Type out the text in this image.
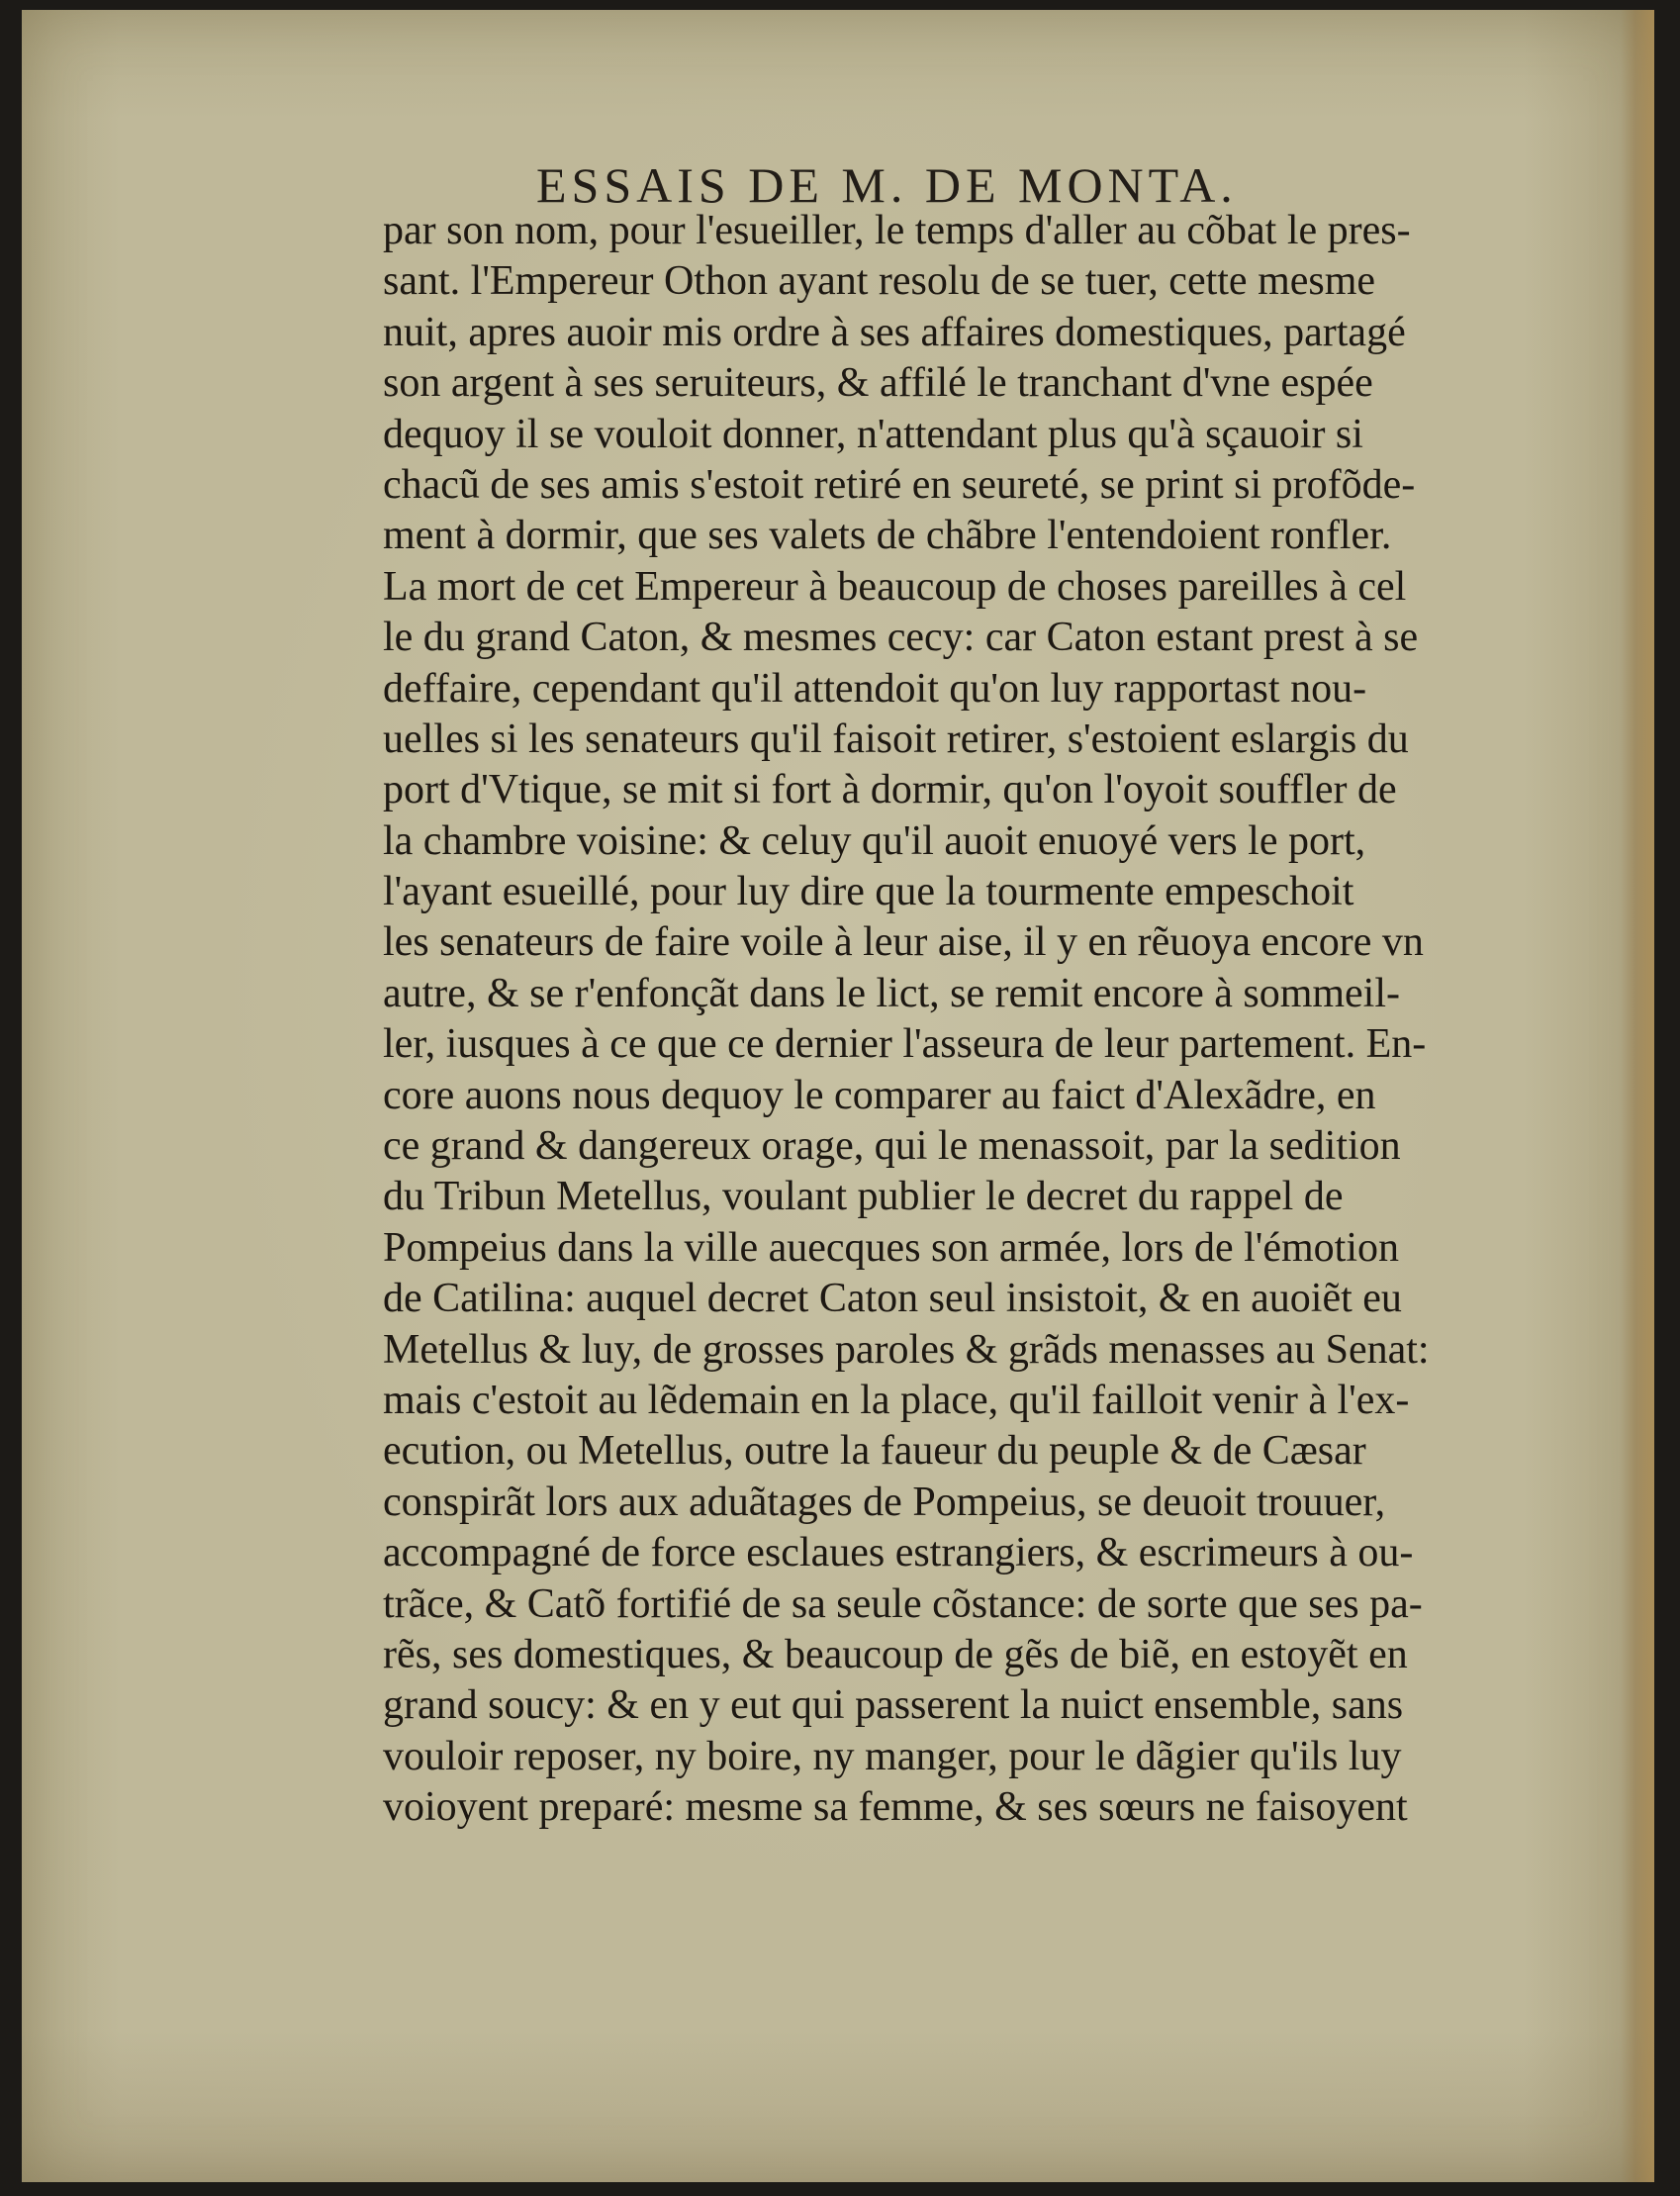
ESSAIS DE M. DE MONTA.
par son nom, pour l'esueiller, le temps d'aller au cõbat le pres-
sant. l'Empereur Othon ayant resolu de se tuer, cette mesme
nuit, apres auoir mis ordre à ses affaires domestiques, partagé
son argent à ses seruiteurs, & affilé le tranchant d'vne espée
dequoy il se vouloit donner, n'attendant plus qu'à sçauoir si
chacũ de ses amis s'estoit retiré en seureté, se print si profõde-
ment à dormir, que ses valets de chãbre l'entendoient ronfler.
La mort de cet Empereur à beaucoup de choses pareilles à cel
le du grand Caton, & mesmes cecy: car Caton estant prest à se
deffaire, cependant qu'il attendoit qu'on luy rapportast nou-
uelles si les senateurs qu'il faisoit retirer, s'estoient eslargis du
port d'Vtique, se mit si fort à dormir, qu'on l'oyoit souffler de
la chambre voisine: & celuy qu'il auoit enuoyé vers le port,
l'ayant esueillé, pour luy dire que la tourmente empeschoit
les senateurs de faire voile à leur aise, il y en rẽuoya encore vn
autre, & se r'enfonçãt dans le lict, se remit encore à sommeil-
ler, iusques à ce que ce dernier l'asseura de leur partement. En-
core auons nous dequoy le comparer au faict d'Alexãdre, en
ce grand & dangereux orage, qui le menassoit, par la sedition
du Tribun Metellus, voulant publier le decret du rappel de
Pompeius dans la ville auecques son armée, lors de l'émotion
de Catilina: auquel decret Caton seul insistoit, & en auoiẽt eu
Metellus & luy, de grosses paroles & grãds menasses au Senat:
mais c'estoit au lẽdemain en la place, qu'il failloit venir à l'ex-
ecution, ou Metellus, outre la faueur du peuple & de Cæsar
conspirãt lors aux aduãtages de Pompeius, se deuoit trouuer,
accompagné de force esclaues estrangiers, & escrimeurs à ou-
trãce, & Catõ fortifié de sa seule cõstance: de sorte que ses pa-
rẽs, ses domestiques, & beaucoup de gẽs de biẽ, en estoyẽt en
grand soucy: & en y eut qui passerent la nuict ensemble, sans
vouloir reposer, ny boire, ny manger, pour le dãgier qu'ils luy
voioyent preparé: mesme sa femme, & ses sœurs ne faisoyent
